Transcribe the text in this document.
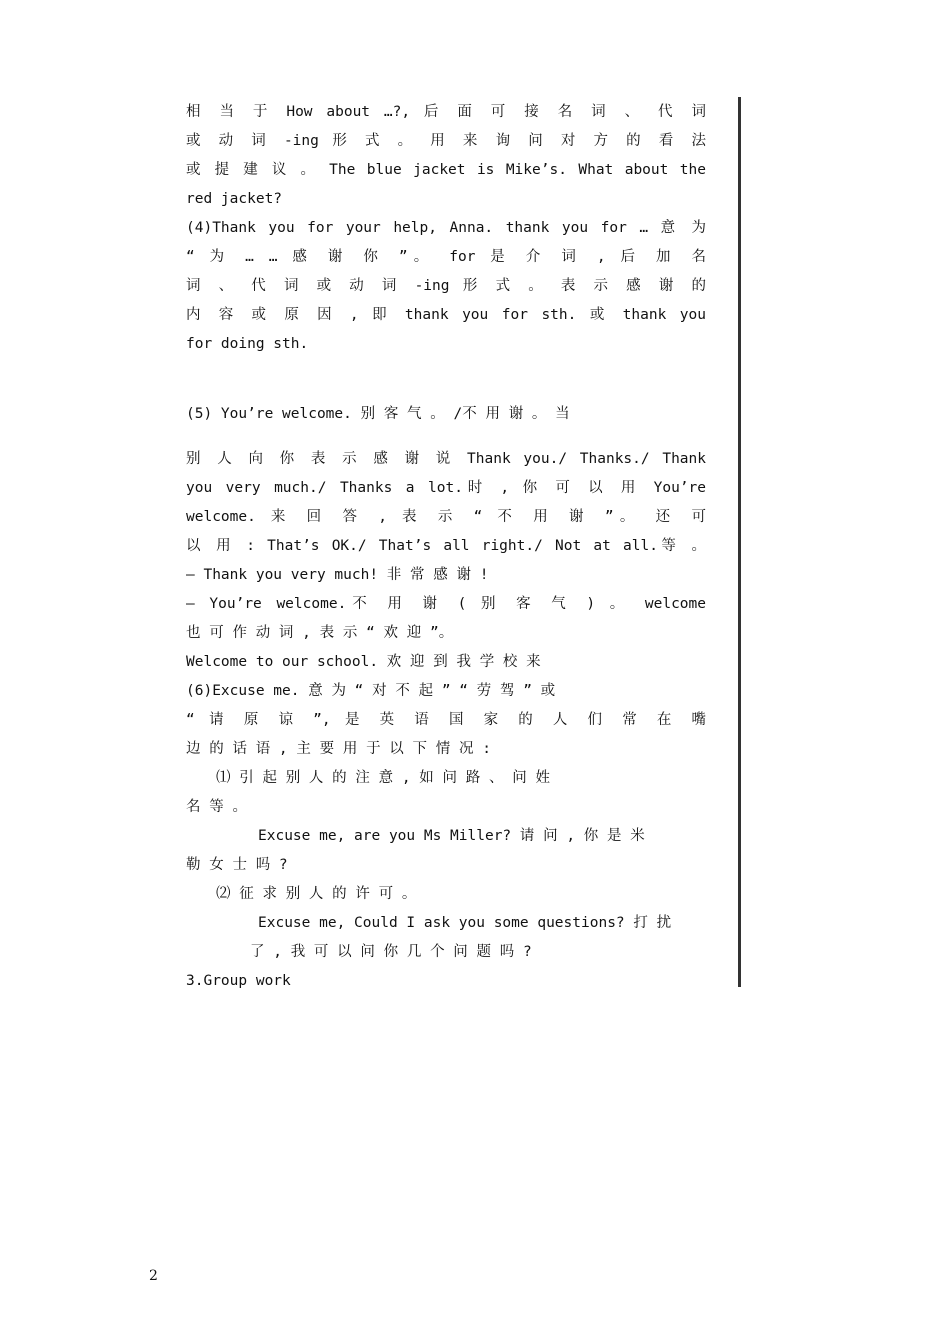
相 当 于 How about …?, 后 面 可 接 名 词 、 代 词
或 动 词 -ing 形 式 。 用 来 询 问 对 方 的 看 法
或 提 建 议 。 The blue jacket is Mike’s. What about the
red jacket?
(4)Thank you for your help, Anna. thank you for … 意 为
“ 为 … … 感 谢 你 ”。 for 是 介 词 , 后 加 名
词 、 代 词 或 动 词 -ing 形 式 。 表 示 感 谢 的
内 容 或 原 因 , 即 thank you for sth. 或 thank you
for doing sth.
(5) You’re welcome. 别 客 气 。 /不 用 谢 。 当
别 人 向 你 表 示 感 谢 说 Thank you./ Thanks./ Thank
you very much./ Thanks a lot.时 , 你 可 以 用 You’re
welcome. 来 回 答 , 表 示 “ 不 用 谢 ”。 还 可
以 用 : That’s OK./ That’s all right./ Not at all.等 。
— Thank you very much! 非 常 感 谢 !
— You’re welcome.不 用 谢 ( 别 客 气 ) 。 welcome
也 可 作 动 词 , 表 示 “ 欢 迎 ”。
Welcome to our school. 欢 迎 到 我 学 校 来
(6)Excuse me. 意 为 “ 对 不 起 ” “ 劳 驾 ” 或
“ 请 原 谅 ”, 是 英 语 国 家 的 人 们 常 在 嘴
边 的 话 语 , 主 要 用 于 以 下 情 况 :
⑴ 引 起 别 人 的 注 意 , 如 问 路 、 问 姓
名 等 。
Excuse me, are you Ms Miller? 请 问 , 你 是 米
勒 女 士 吗 ?
⑵ 征 求 别 人 的 许 可 。
Excuse me, Could I ask you some questions? 打 扰
了 , 我 可 以 问 你 几 个 问 题 吗 ?
3.Group work
2
